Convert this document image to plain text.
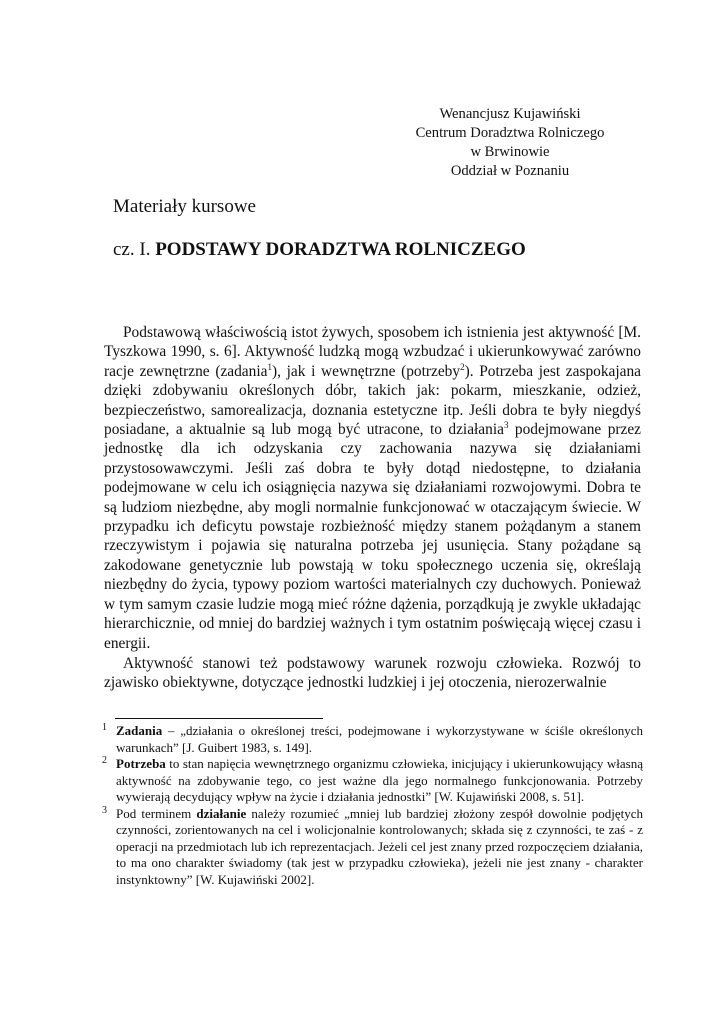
Wenancjusz Kujawiński
Centrum Doradztwa Rolniczego
w Brwinowie
Oddział w Poznaniu
Materiały kursowe
cz. I. PODSTAWY DORADZTWA ROLNICZEGO

Podstawową właściwością istot żywych, sposobem ich istnienia jest aktywność [M. Tyszkowa 1990, s. 6]. Aktywność ludzką mogą wzbudzać i ukierunkowywać zarówno racje zewnętrzne (zadania$^1$), jak i wewnętrzne (potrzeby$^2$). Potrzeba jest zaspokajana dzięki zdobywaniu określonych dóbr, takich jak: pokarm, mieszkanie, odzież, bezpieczeństwo, samorealizacja, doznania estetyczne itp. Jeśli dobra te były niegdyś posiadane, a aktualnie są lub mogą być utracone, to działania$^3$ podejmowane przez jednostkę dla ich odzyskania czy zachowania nazywa się działaniami przystosowawczymi. Jeśli zaś dobra te były dotąd niedostępne, to działania podejmowane w celu ich osiągnięcia nazywa się działaniami rozwojowymi. Dobra te są ludziom niezbędne, aby mogli normalnie funkcjonować w otaczającym świecie. W przypadku ich deficytu powstaje rozbieżność między stanem pożądanym a stanem rzeczywistym i pojawia się naturalna potrzeba jej usunięcia. Stany pożądane są zakodowane genetycznie lub powstają w toku społecznego uczenia się, określają niezbędny do życia, typowy poziom wartości materialnych czy duchowych. Ponieważ w tym samym czasie ludzie mogą mieć różne dążenia, porządkują je zwykle układając hierarchicznie, od mniej do bardziej ważnych i tym ostatnim poświęcają więcej czasu i energii.

Aktywność stanowi też podstawowy warunek rozwoju człowieka. Rozwój to zjawisko obiektywne, dotyczące jednostki ludzkiej i jej otoczenia, nierozerwalnie

1 Zadania – „działania o określonej treści, podejmowane i wykorzystywane w ściśle określonych warunkach” [J. Guibert 1983, s. 149].
2 Potrzeba to stan napięcia wewnętrznego organizmu człowieka, inicjujący i ukierunkowujący własną aktywność na zdobywanie tego, co jest ważne dla jego normalnego funkcjonowania. Potrzeby wywierają decydujący wpływ na życie i działania jednostki” [W. Kujawiński 2008, s. 51].
3 Pod terminem działanie należy rozumieć „mniej lub bardziej złożony zespół dowolnie podjętych czynności, zorientowanych na cel i wolicjonalnie kontrolowanych; składa się z czynności, te zaś - z operacji na przedmiotach lub ich reprezentacjach. Jeżeli cel jest znany przed rozpoczęciem działania, to ma ono charakter świadomy (tak jest w przypadku człowieka), jeżeli nie jest znany - charakter instynktowny” [W. Kujawiński 2002].
